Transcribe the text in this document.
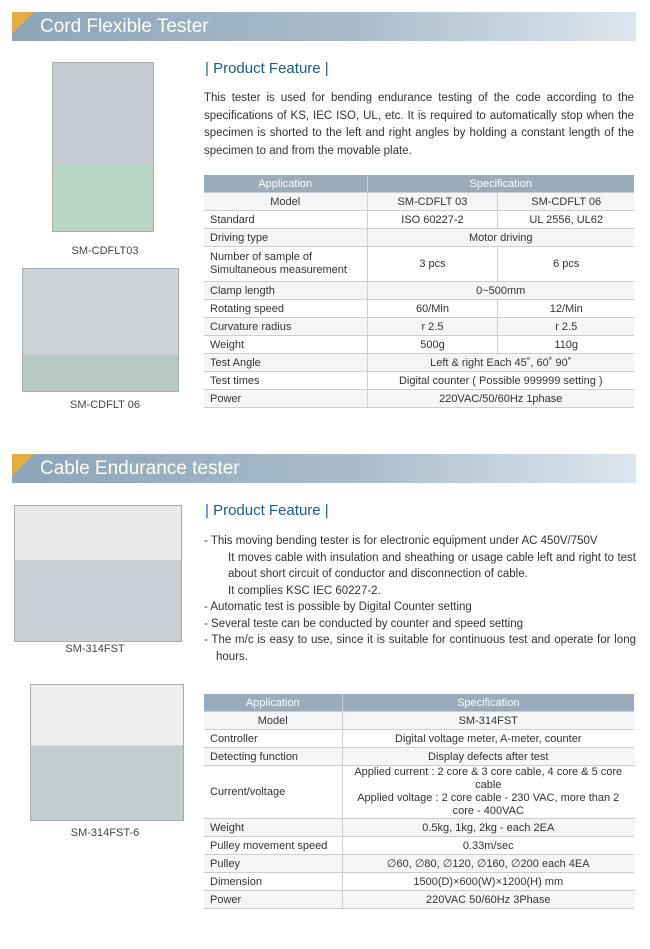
Cord Flexible Tester
| Product Feature |
This tester is used for bending endurance testing of the code according to the specifications of KS, IEC ISO, UL, etc. It is required to automatically stop when the specimen is shorted to the left and right angles by holding a constant length of the specimen to and from the movable plate.
SM-CDFLT03
SM-CDFLT 06
Application	Specification	
Model	SM-CDFLT 03	SM-CDFLT 06
Standard	ISO 60227-2	UL 2556, UL62
Driving type	Motor driving	
Number of sample of Simultaneous measurement	3 pcs	6 pcs
Clamp length	0~500mm	
Rotating speed	60/Min	12/Min
Curvature radius	r 2.5	r 2.5
Weight	500g	110g
Test Angle	Left & right Each 45˚, 60˚ 90˚	
Test times	Digital counter ( Possible 999999 setting )	
Power	220VAC/50/60Hz 1phase	
Cable Endurance tester
| Product Feature |
- This moving bending tester is for electronic equipment under AC 450V/750V
It moves cable with insulation and sheathing or usage cable left and right to test about short circuit of conductor and disconnection of cable.
It complies KSC IEC 60227-2.
- Automatic test is possible by Digital Counter setting
- Several teste can be conducted by counter and speed setting
- The m/c is easy to use, since it is suitable for continuous test and operate for long hours.
SM-314FST
SM-314FST-6
Application	Specification
Model	SM-314FST
Controller	Digital voltage meter, A-meter, counter
Detecting function	Display defects after test
Current/voltage	Applied current : 2 core & 3 core cable, 4 core & 5 core cable
Applied voltage : 2 core cable - 230 VAC, more than 2 core - 400VAC
Weight	0.5kg, 1kg, 2kg - each 2EA
Pulley movement speed	0.33m/sec
Pulley	∅60, ∅80, ∅120, ∅160, ∅200 each 4EA
Dimension	1500(D)×600(W)×1200(H) mm
Power	220VAC 50/60Hz 3Phase
